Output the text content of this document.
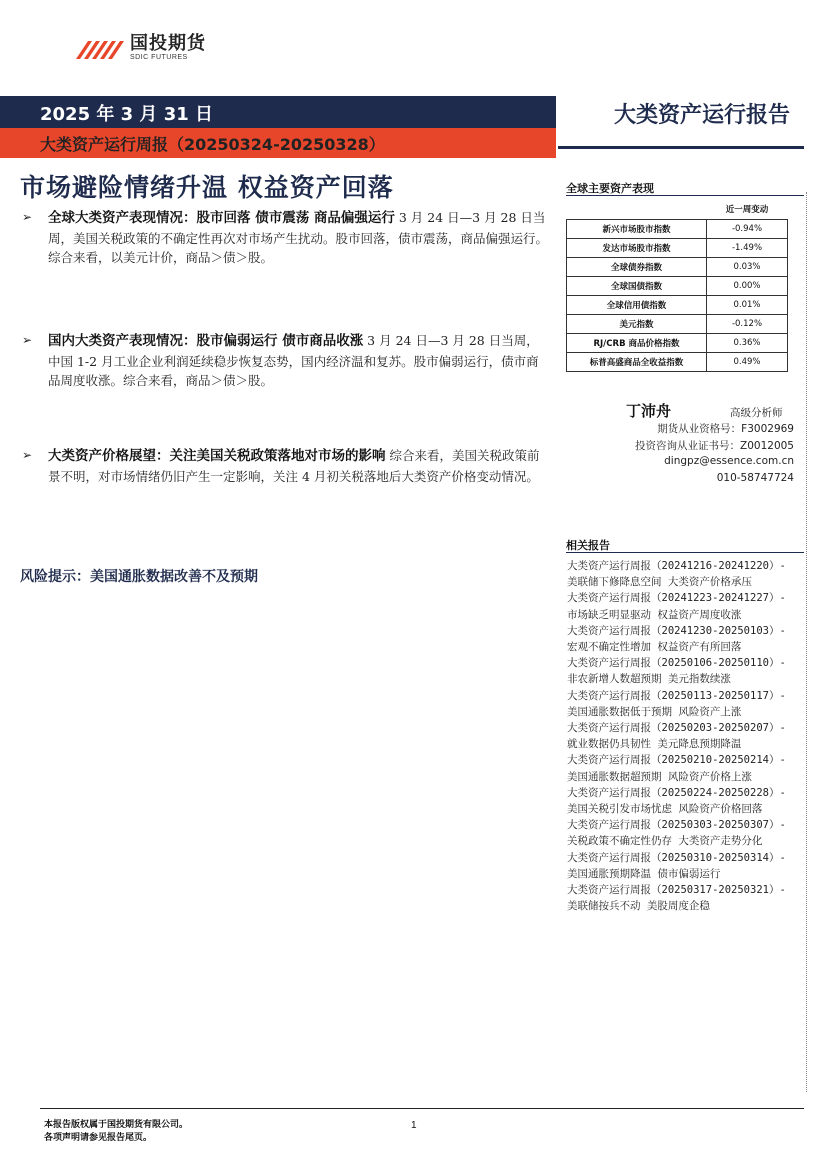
国投期货
SDIC FUTURES
2025 年 3 月 31 日
大类资产运行周报（20250324-20250328）
大类资产运行报告
市场避险情绪升温 权益资产回落
➢	全球大类资产表现情况：股市回落 债市震荡 商品偏强运行 3 月 24 日—3 月 28 日当周，美国关税政策的不确定性再次对市场产生扰动。股市回落，债市震荡，商品偏强运行。综合来看，以美元计价，商品＞债＞股。
➢	国内大类资产表现情况：股市偏弱运行 债市商品收涨 3 月 24 日—3 月 28 日当周，中国 1-2 月工业企业利润延续稳步恢复态势，国内经济温和复苏。股市偏弱运行，债市商品周度收涨。综合来看，商品＞债＞股。
➢	大类资产价格展望：关注美国关税政策落地对市场的影响 综合来看，美国关税政策前景不明，对市场情绪仍旧产生一定影响，关注 4 月初关税落地后大类资产价格变动情况。
风险提示：美国通胀数据改善不及预期
全球主要资产表现
	近一周变动
新兴市场股市指数	-0.94%
发达市场股市指数	-1.49%
全球债券指数	0.03%
全球国债指数	0.00%
全球信用债指数	0.01%
美元指数	-0.12%
RJ/CRB 商品价格指数	0.36%
标普高盛商品全收益指数	0.49%
丁沛舟	高级分析师
期货从业资格号：F3002969
投资咨询从业证书号：Z0012005
dingpz@essence.com.cn
010-58747724
相关报告
大类资产运行周报（20241216-20241220）-美联储下修降息空间 大类资产价格承压
大类资产运行周报（20241223-20241227）-市场缺乏明显驱动 权益资产周度收涨
大类资产运行周报（20241230-20250103）-宏观不确定性增加 权益资产有所回落
大类资产运行周报（20250106-20250110）-非农新增人数超预期 美元指数续涨
大类资产运行周报（20250113-20250117）-美国通胀数据低于预期 风险资产上涨
大类资产运行周报（20250203-20250207）-就业数据仍具韧性 美元降息预期降温
大类资产运行周报（20250210-20250214）-美国通胀数据超预期 风险资产价格上涨
大类资产运行周报（20250224-20250228）-美国关税引发市场忧虑 风险资产价格回落
大类资产运行周报（20250303-20250307）-关税政策不确定性仍存 大类资产走势分化
大类资产运行周报（20250310-20250314）-美国通胀预期降温 债市偏弱运行
大类资产运行周报（20250317-20250321）-美联储按兵不动 美股周度企稳
本报告版权属于国投期货有限公司。
各项声明请参见报告尾页。
1
